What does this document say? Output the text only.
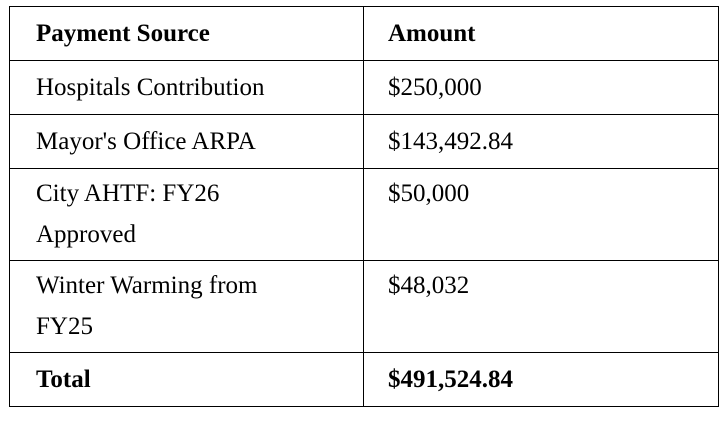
Payment Source	Amount

Hospitals Contribution	$250,000

Mayor's Office ARPA	$143,492.84

City AHTF: FY26 Approved	$50,000

Winter Warming from FY25	$48,032

Total	$491,524.84
